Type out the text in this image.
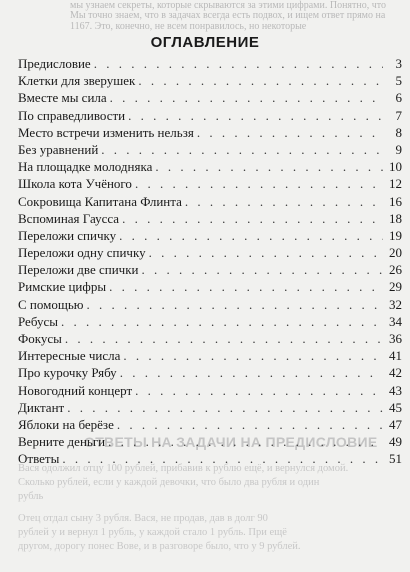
мы узнаем секреты, которые скрываются за этими цифрами. Понятно, что
Мы точно знаем, что в задачах всегда есть подвох, и ищем ответ прямо на
1167. Это, конечно, не всем понравилось, но некоторые
ОТВЕТЫ НА ЗАДАЧИ НА ПРЕДИСЛОВИЕ
Вася одолжил отцу 100 рублей, прибавив к рублю ещё, и вернулся домой.
Сколько рублей, если у каждой девочки, что было два рубля и один
рубль
Отец отдал сыну 3 рубля. Вася, не продав, дав в долг 90
рублей у и вернул 1 рубль, у каждой стало 1 рубль. При ещё
другом, дорогу понес Вове, и в разговоре было, что у 9 рублей.
ОГЛАВЛЕНИЕ
Предисловие . . .	3
Клетки для зверушек . . .	5
Вместе мы сила . . .	6
По справедливости . . .	7
Место встречи изменить нельзя . . .	8
Без уравнений . . .	9
На площадке молодняка . . .	10
Школа кота Учёного . . .	12
Сокровища Капитана Флинта . . .	16
Вспоминая Гаусса . . .	18
Переложи спичку . . .	19
Переложи одну спичку . . .	20
Переложи две спички . . .	26
Римские цифры . . .	29
С помощью . . .	32
Ребусы . . .	34
Фокусы . . .	36
Интересные числа . . .	41
Про курочку Рябу . . .	42
Новогодний концерт . . .	43
Диктант . . .	45
Яблоки на берёзе . . .	47
Верните деньги . . .	49
Ответы . . .	51
